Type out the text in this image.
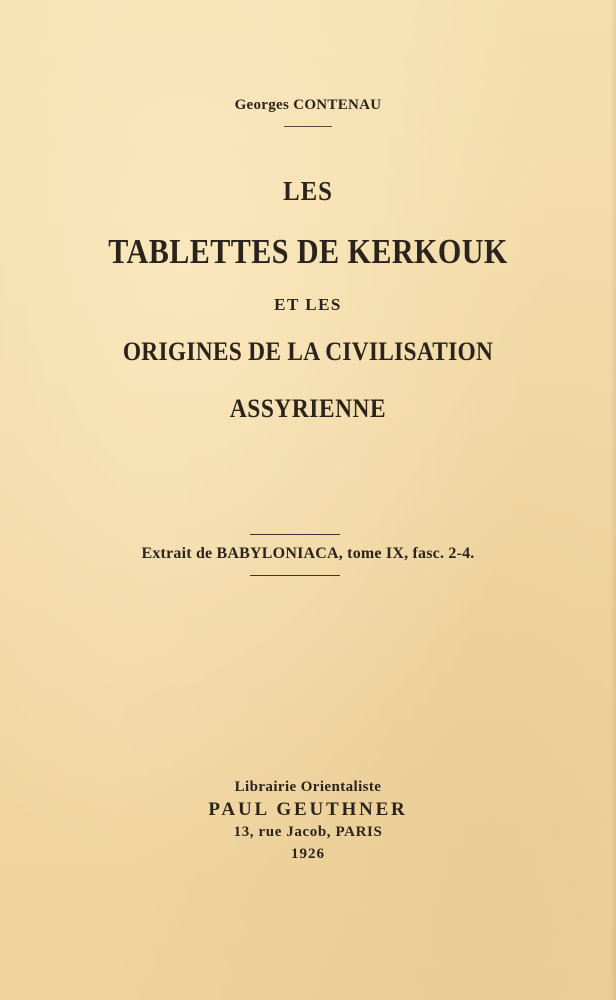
Georges CONTENAU
LES
TABLETTES DE KERKOUK
ET LES
ORIGINES DE LA CIVILISATION
ASSYRIENNE
Extrait de BABYLONIACA, tome IX, fasc. 2-4.
Librairie Orientaliste
PAUL GEUTHNER
13, rue Jacob, PARIS
1926
